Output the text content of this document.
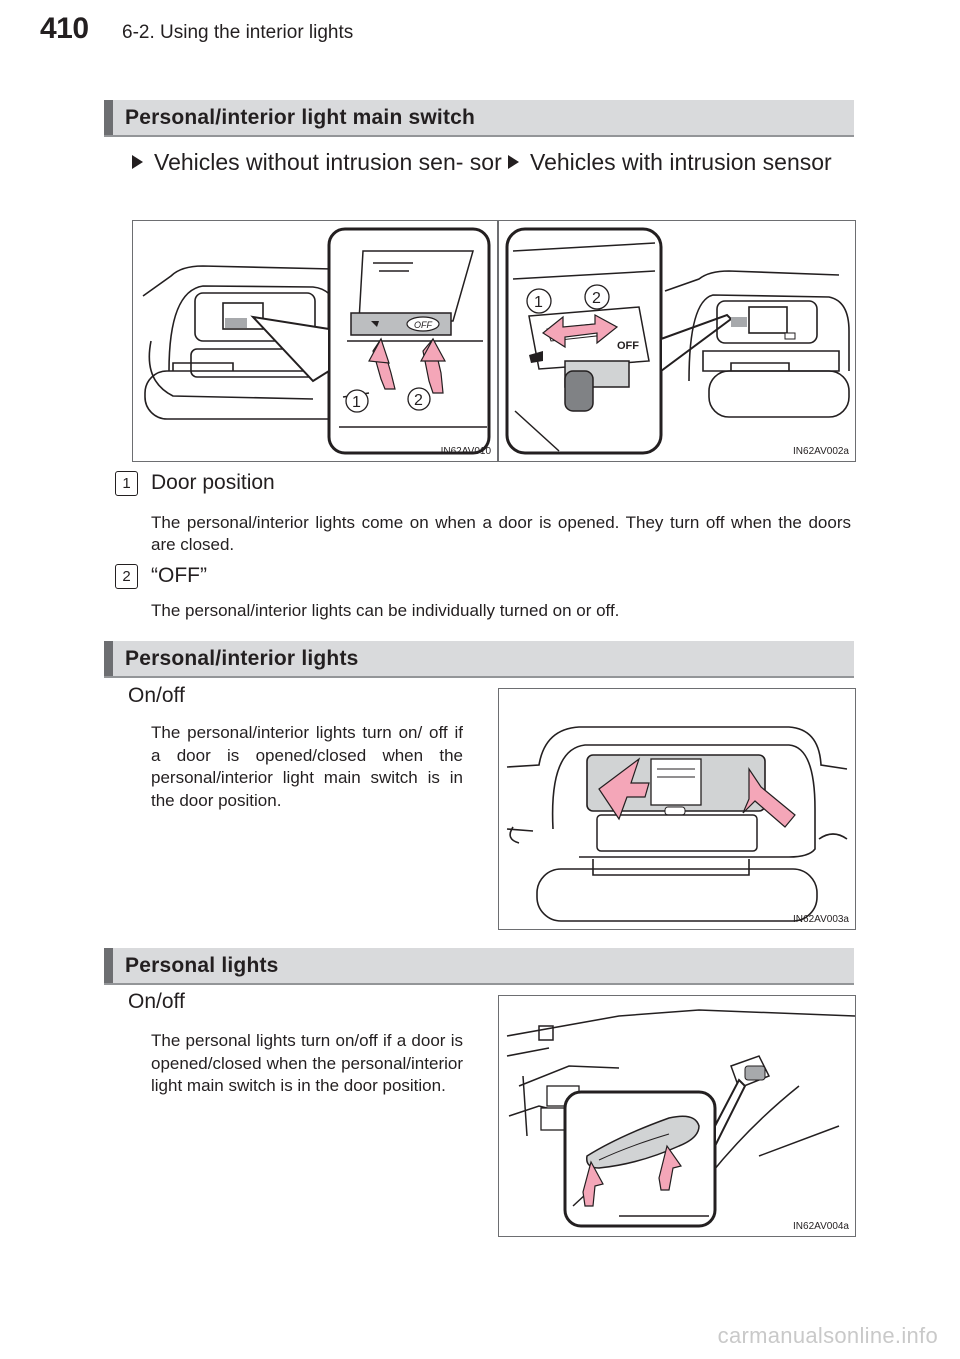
410 6-2. Using the interior lights
Personal/interior light main switch
Vehicles without intrusion sen- sor	Vehicles with intrusion sensor
OFF
1	2
IN62AV010
OFF
1	2
IN62AV002a
1 Door position
The personal/interior lights come on when a door is opened. They turn off when the doors are closed.
2 “OFF”
The personal/interior lights can be individually turned on or off.
Personal/interior lights
On/off
The personal/interior lights turn on/ off if a door is opened/closed when the personal/interior light main switch is in the door position.
IN62AV003a
Personal lights
On/off
The personal lights turn on/off if a door is opened/closed when the personal/interior light main switch is in the door position.
IN62AV004a
carmanualsonline.info
